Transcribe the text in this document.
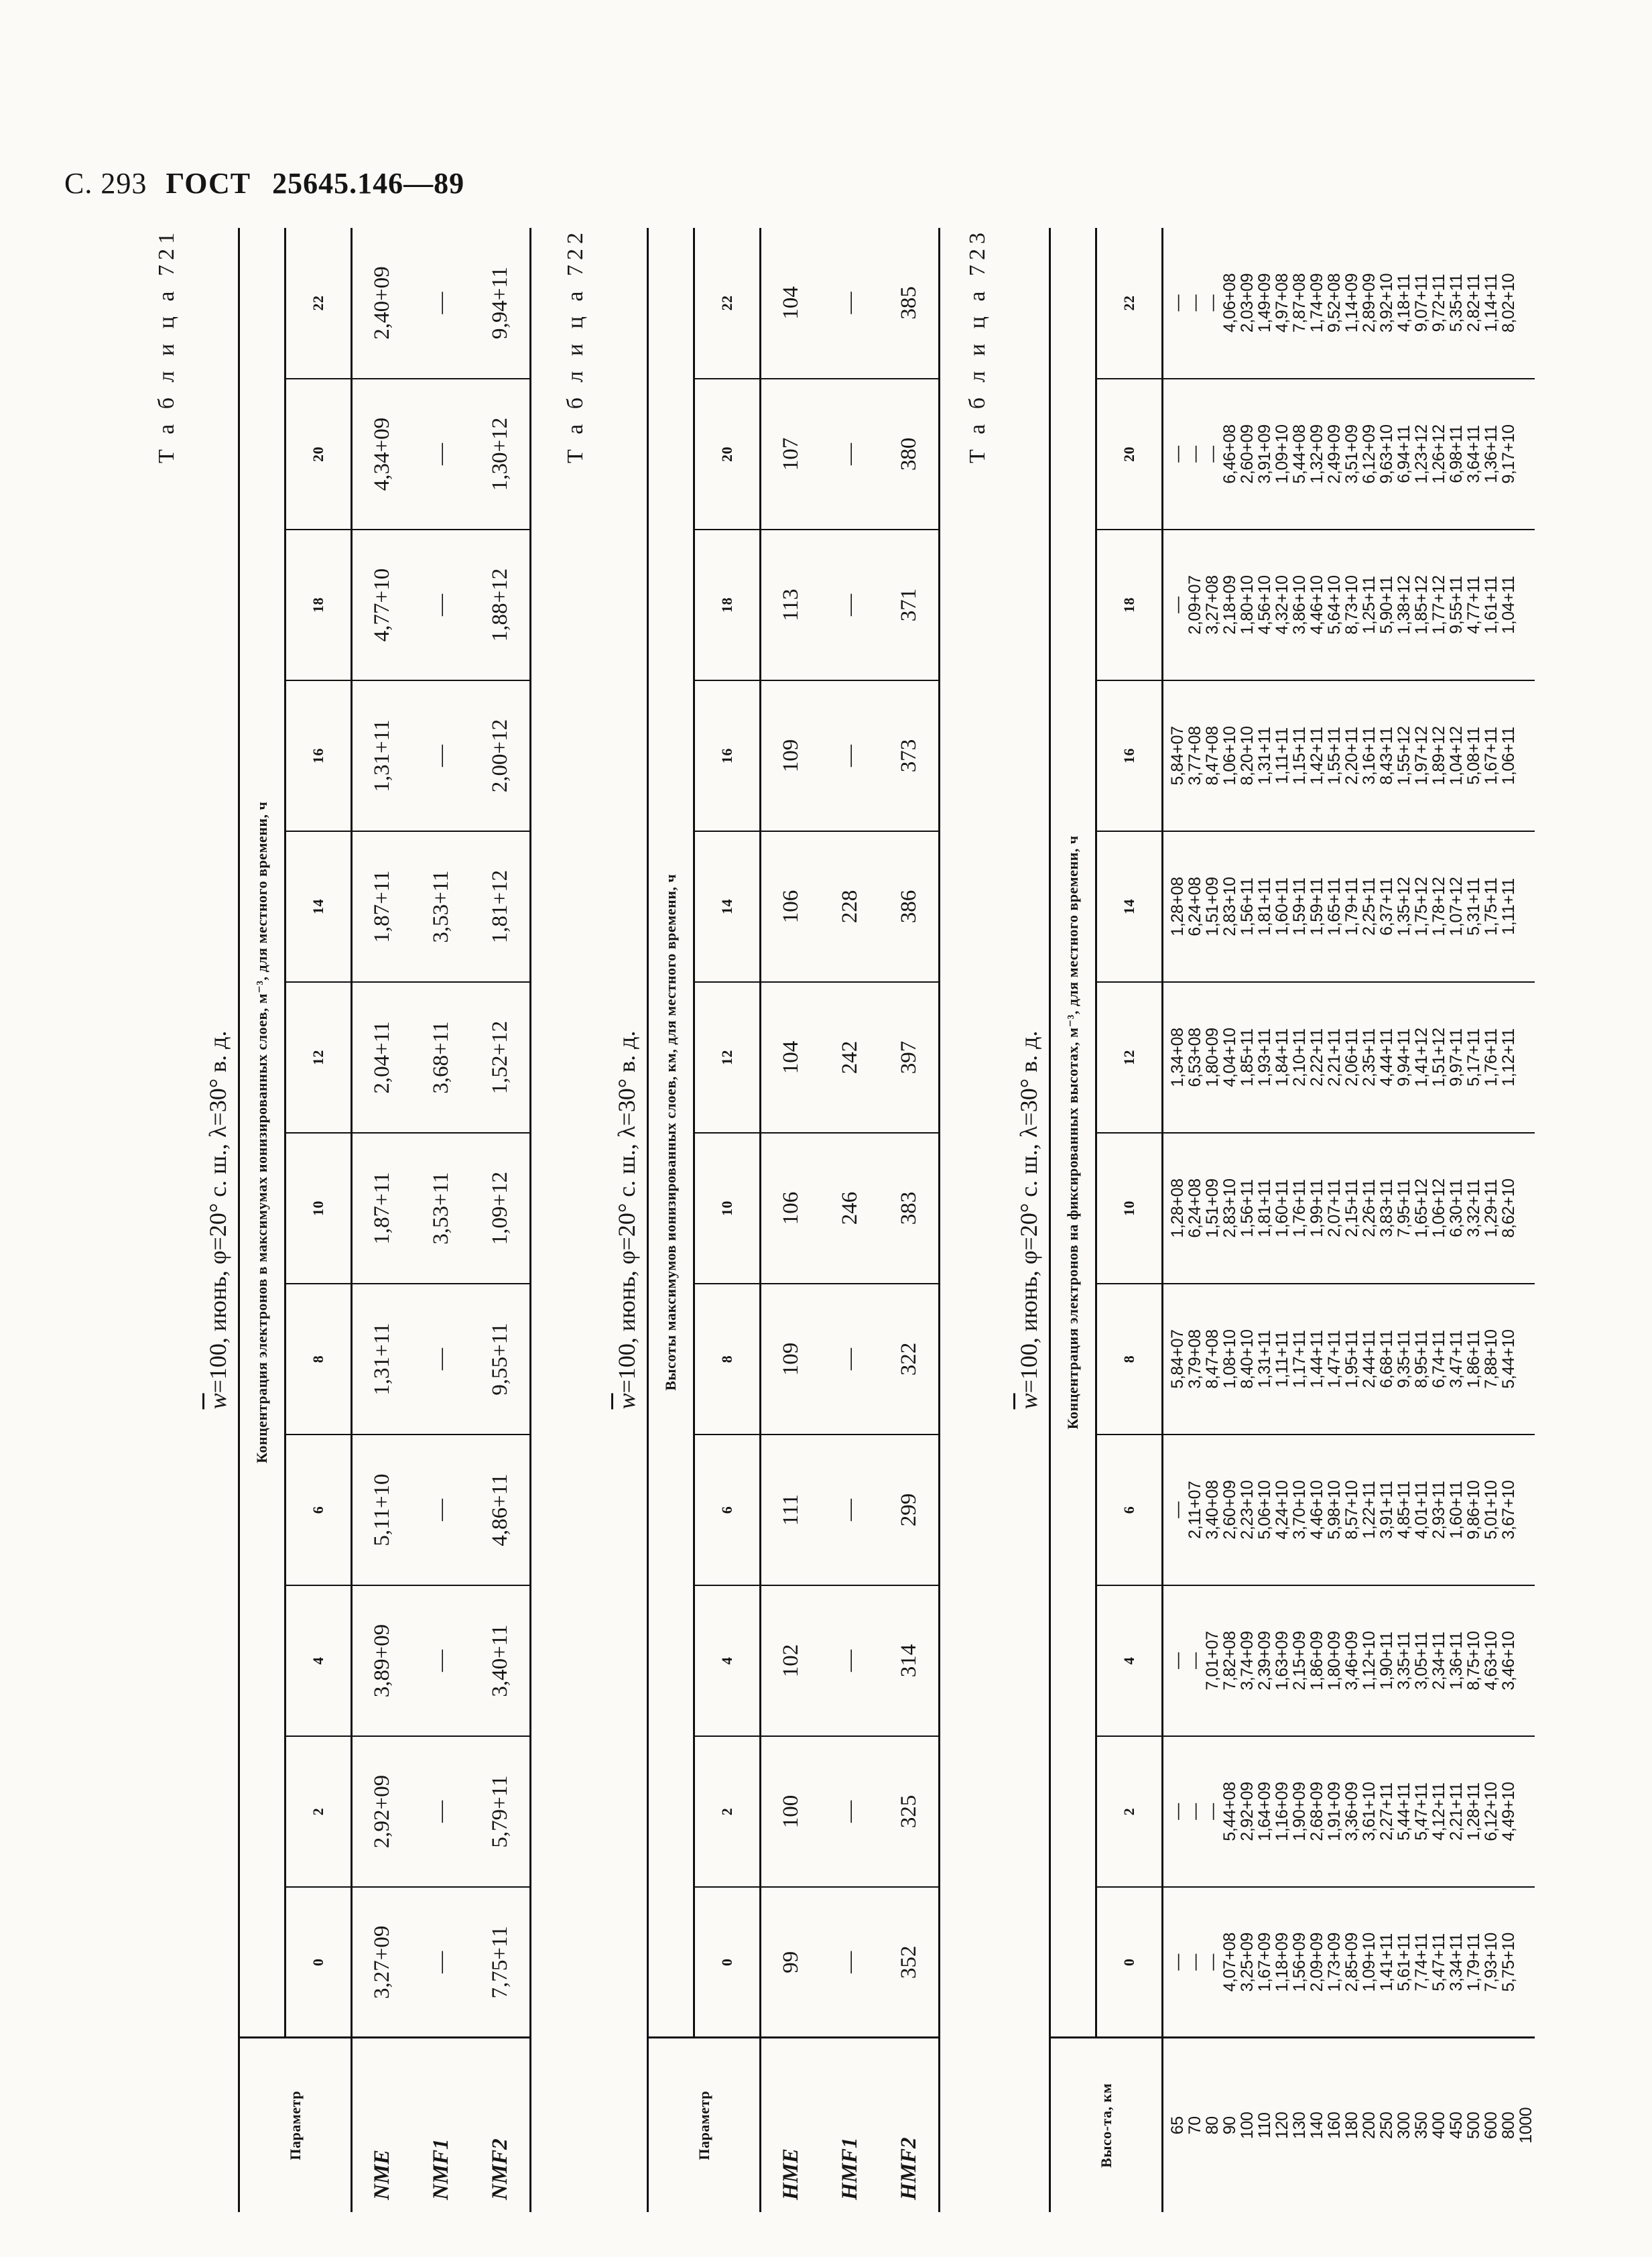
С. 293 ГОСТ 25645.146—89
Т а б л и ц а 721
$\overline{w}=100$, июнь, φ=20° с. ш., λ=30° в. д.
Параметр	Концентрация электронов в максимумах ионизированных слоев, м⁻³, для местного времени, ч											
	0	2	4	6	8	10	12	14	16	18	20	22
NME	3,27+09	2,92+09	3,89+09	5,11+10	1,31+11	1,87+11	2,04+11	1,87+11	1,31+11	4,77+10	4,34+09	2,40+09
NMF1	—	—	—	—	—	3,53+11	3,68+11	3,53+11	—	—	—	—
NMF2	7,75+11	5,79+11	3,40+11	4,86+11	9,55+11	1,09+12	1,52+12	1,81+12	2,00+12	1,88+12	1,30+12	9,94+11 Т а б л и ц а 722
$\overline{w}=100$, июнь, φ=20° с. ш., λ=30° в. д.
Параметр	Высоты максимумов ионизированных слоев, км, для местного времени, ч											
	0	2	4	6	8	10	12	14	16	18	20	22
HME	99	100	102	111	109	106	104	106	109	113	107	104
HMF1	—	—	—	—	—	246	242	228	—	—	—	—
HMF2	352	325	314	299	322	383	397	386	373	371	380	385 Т а б л и ц а 723
$\overline{w}=100$, июнь, φ=20° с. ш., λ=30° в. д.
Высо-та, км	Концентрация электронов на фиксированных высотах, м⁻³, для местного времени, ч											
	0	2	4	6	8	10	12	14	16	18	20	22
65	—	—	—	—	5,84+07	1,28+08	1,34+08	1,28+08	5,84+07	—	—	—
70	—	—	—	2,11+07	3,79+08	6,24+08	6,53+08	6,24+08	3,77+08	2,09+07	—	—
80	—	—	7,01+07	3,40+08	8,47+08	1,51+09	1,80+09	1,51+09	8,47+08	3,27+08	—	—
90	4,07+08	5,44+08	7,82+08	2,60+09	1,08+10	2,83+10	4,04+10	2,83+10	1,06+10	2,18+09	6,46+08	4,06+08
100	3,25+09	2,92+09	3,74+09	2,23+10	8,40+10	1,56+11	1,85+11	1,56+11	8,20+10	1,80+10	2,60+09	2,03+09
110	1,67+09	1,64+09	2,39+09	5,06+10	1,31+11	1,81+11	1,93+11	1,81+11	1,31+11	4,56+10	3,91+09	1,49+09
120	1,18+09	1,16+09	1,63+09	4,24+10	1,11+11	1,60+11	1,84+11	1,60+11	1,11+11	4,32+10	1,09+10	4,97+08
130	1,56+09	1,90+09	2,15+09	3,70+10	1,17+11	1,76+11	2,10+11	1,59+11	1,15+11	3,86+10	5,44+08	7,87+08
140	2,09+09	2,68+09	1,86+09	4,46+10	1,44+11	1,99+11	2,22+11	1,59+11	1,42+11	4,46+10	1,32+09	1,74+09
160	1,73+09	1,91+09	1,80+09	5,98+10	1,47+11	2,07+11	2,21+11	1,65+11	1,55+11	5,64+10	2,49+09	9,52+08
180	2,85+09	3,36+09	3,46+09	8,57+10	1,95+11	2,15+11	2,06+11	1,79+11	2,20+11	8,73+10	3,51+09	1,14+09
200	1,09+10	3,61+10	1,12+10	1,22+11	2,44+11	2,26+11	2,35+11	2,25+11	3,16+11	1,25+11	6,12+09	2,89+09
250	1,41+11	2,27+11	1,90+11	3,91+11	6,68+11	3,83+11	4,44+11	6,37+11	8,43+11	5,90+11	9,63+10	3,92+10
300	5,61+11	5,44+11	3,35+11	4,85+11	9,35+11	7,95+11	9,94+11	1,35+12	1,55+12	1,38+12	6,94+11	4,18+11
350	7,74+11	5,47+11	3,05+11	4,01+11	8,95+11	1,65+12	1,41+12	1,75+12	1,97+12	1,85+12	1,23+12	9,07+11
400	5,47+11	4,12+11	2,34+11	2,93+11	6,74+11	1,06+12	1,51+12	1,78+12	1,89+12	1,77+12	1,26+12	9,72+11
450	3,34+11	2,21+11	1,36+11	1,60+11	3,47+11	6,30+11	9,97+11	1,07+12	1,04+12	9,55+11	6,98+11	5,35+11
500	1,79+11	1,28+11	8,75+10	9,86+10	1,86+11	3,32+11	5,17+11	5,31+11	5,08+11	4,77+11	3,64+11	2,82+11
600	7,93+10	6,12+10	4,63+10	5,01+10	7,88+10	1,29+11	1,76+11	1,75+11	1,67+11	1,61+11	1,36+11	1,14+11
800	5,75+10	4,49+10	3,46+10	3,67+10	5,44+10	8,62+10	1,12+11	1,11+11	1,06+11	1,04+11	9,17+10	8,02+10
1000												
